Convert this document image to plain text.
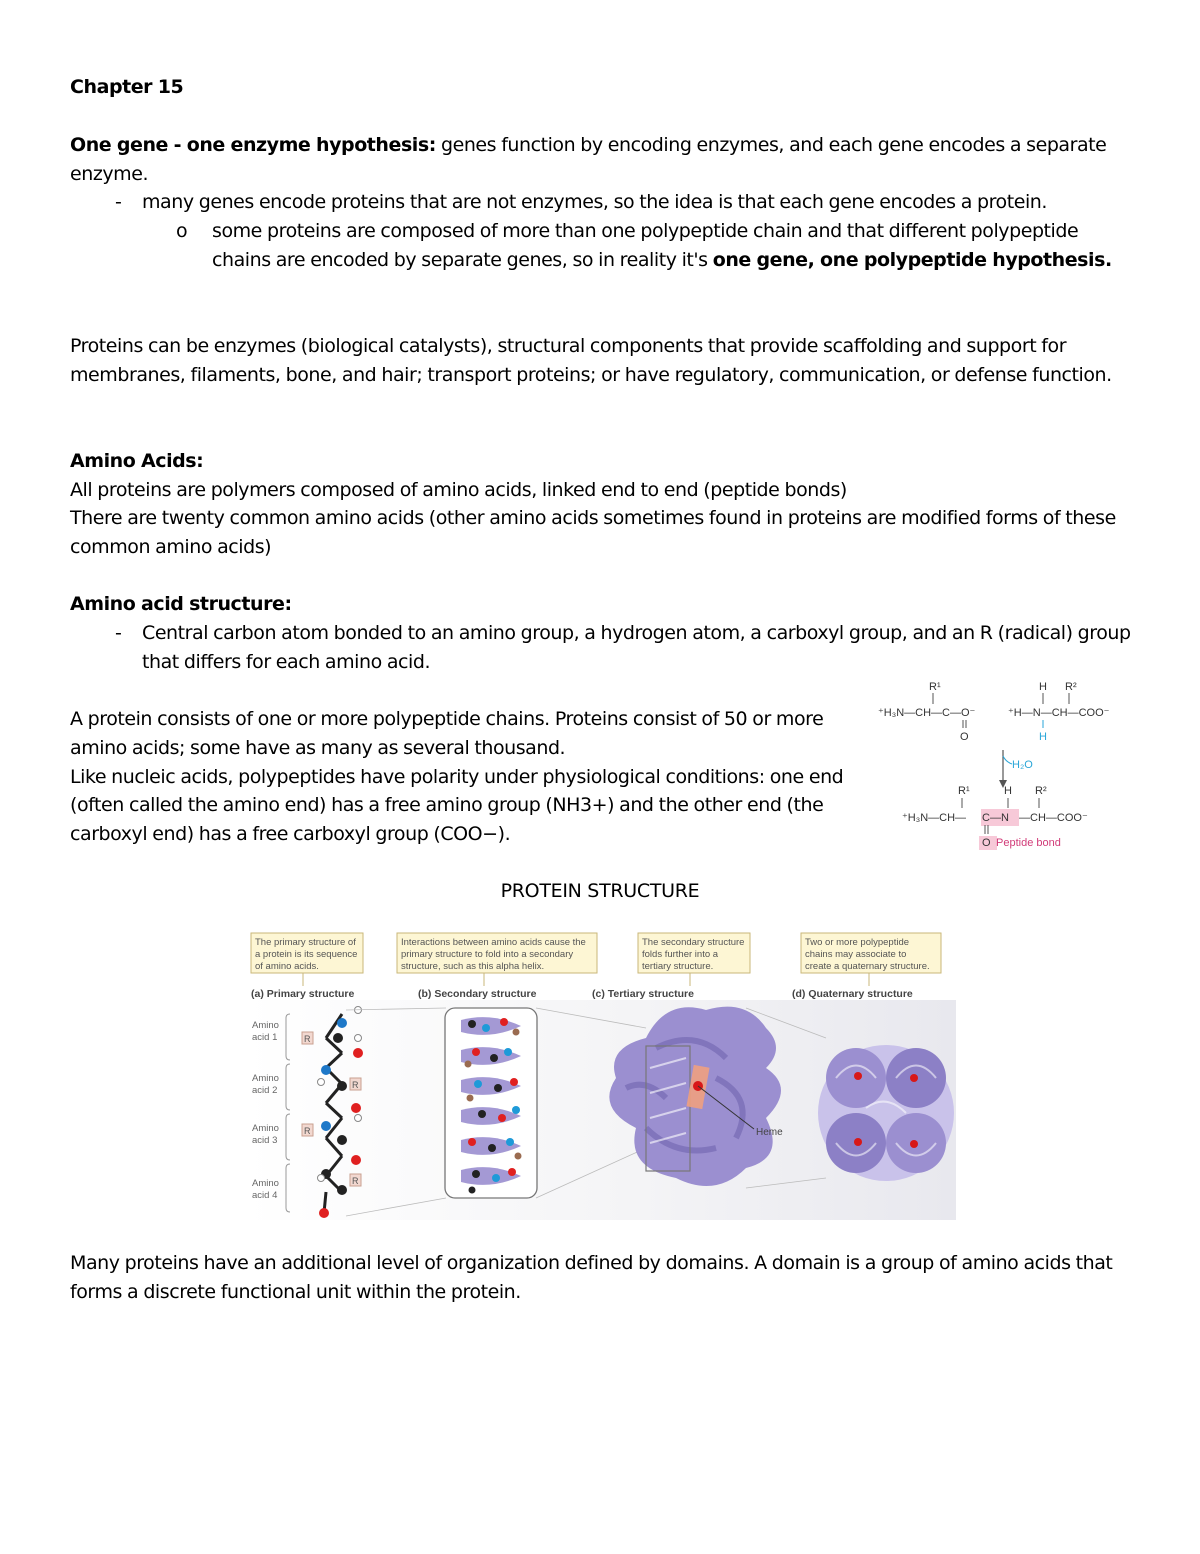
Chapter 15
One gene - one enzyme hypothesis: genes function by encoding enzymes, and each gene encodes a separate enzyme.
- many genes encode proteins that are not enzymes, so the idea is that each gene encodes a protein.
o some proteins are composed of more than one polypeptide chain and that different polypeptide chains are encoded by separate genes, so in reality it's one gene, one polypeptide hypothesis.
Proteins can be enzymes (biological catalysts), structural components that provide scaffolding and support for membranes, filaments, bone, and hair; transport proteins; or have regulatory, communication, or defense function.
Amino Acids:
All proteins are polymers composed of amino acids, linked end to end (peptide bonds)
There are twenty common amino acids (other amino acids sometimes found in proteins are modified forms of these common amino acids)
Amino acid structure:
- Central carbon atom bonded to an amino group, a hydrogen atom, a carboxyl group, and an R (radical) group that differs for each amino acid.
A protein consists of one or more polypeptide chains. Proteins consist of 50 or more amino acids; some have as many as several thousand.
Like nucleic acids, polypeptides have polarity under physiological conditions: one end (often called the amino end) has a free amino group (NH3+) and the other end (the carboxyl end) has a free carboxyl group (COO−).
R¹
⁺H₃N—CH—C—O⁻
O
H R²
⁺H—N—CH—COO⁻
H
H₂O
R¹	H R²
⁺H₃N—CH— C—N —CH—COO⁻
O Peptide bond
PROTEIN STRUCTURE
The primary structure of
a protein is its sequence
of amino acids.
Interactions between amino acids cause the
primary structure to fold into a secondary
structure, such as this alpha helix.
The secondary structure
folds further into a
tertiary structure.
Two or more polypeptide
chains may associate to
create a quaternary structure.
(a) Primary structure	(b) Secondary structure	(c) Tertiary structure	(d) Quaternary structure
Amino
acid 1
Amino
acid 2
Amino
acid 3
Amino
acid 4
R
R
R
R
Heme
Many proteins have an additional level of organization defined by domains. A domain is a group of amino acids that forms a discrete functional unit within the protein.
